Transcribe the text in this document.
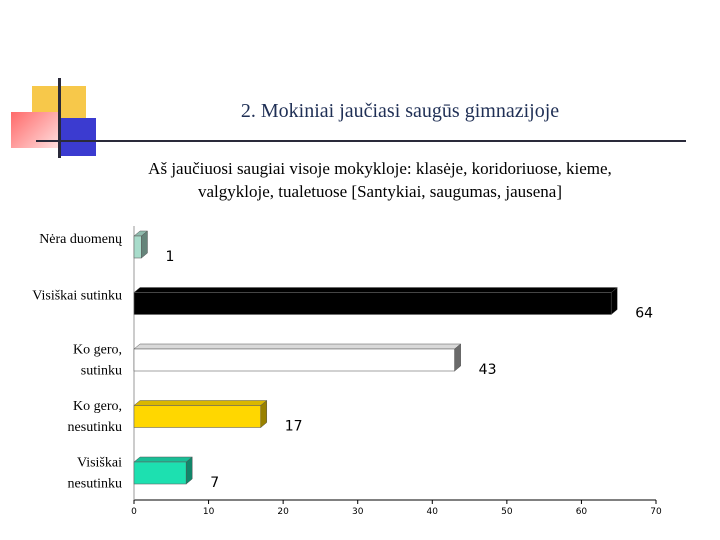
2. Mokiniai jaučiasi saugūs gimnazijoje
Aš jaučiuosi saugiai visoje mokykloje: klasėje, koridoriuose, kieme, valgykloje, tualetuose [Santykiai, saugumas, jausena]
0	10	20	30	40	50	60	70
1
Nėra duomenų
64
Visiškai sutinku
43
Ko gero, sutinku
17
Ko gero, nesutinku
7
Visiškai nesutinku
